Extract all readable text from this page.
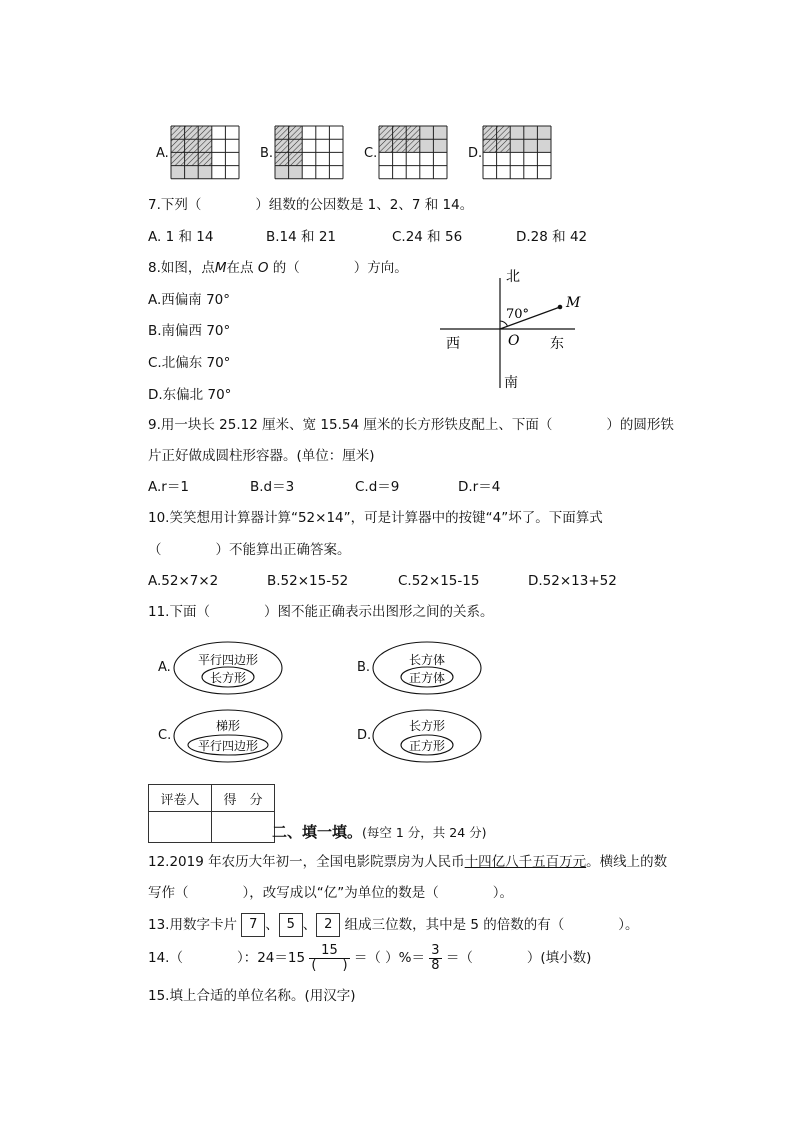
A.	B.	C.	D.
7.下列（　　　　）组数的公因数是 1、2、7 和 14。
A. 1 和 14	B.14 和 21	C.24 和 56	D.28 和 42
8.如图，点M在点 O 的（　　　　）方向。
A.西偏南 70°
B.南偏西 70°
C.北偏东 70°
D.东偏北 70°
北
南
西	东
O
M
70°
9.用一块长 25.12 厘米、宽 15.54 厘米的长方形铁皮配上、下面（　　　　）的圆形铁
片正好做成圆柱形容器。(单位：厘米)
A.r＝1	B.d＝3	C.d＝9	D.r＝4
10.笑笑想用计算器计算“52×14”，可是计算器中的按键“4”坏了。下面算式
（　　　　）不能算出正确答案。
A.52×7×2	B.52×15-52	C.52×15-15	D.52×13+52
11.下面（　　　　）图不能正确表示出图形之间的关系。
A. 平行四边形
长方形
B.	长方体
正方体
C.
梯形
平行四边形
D.
长方形
正方形
评卷人	得　分

二、填一填。(每空 1 分，共 24 分)
12.2019 年农历大年初一，全国电影院票房为人民币十四亿八千五百万元。横线上的数
写作（　　　　），改写成以“亿”为单位的数是（　　　　）。
13.用数字卡片 7 、 5 、 2 组成三位数，其中是 5 的倍数的有（　　　　）。
14.（　　　　）：$24=15 \frac{15}{( )}$ ＝（ ）%＝ $\frac{3}{8}$ ＝（　　　　）(填小数)
15.填上合适的单位名称。(用汉字)
